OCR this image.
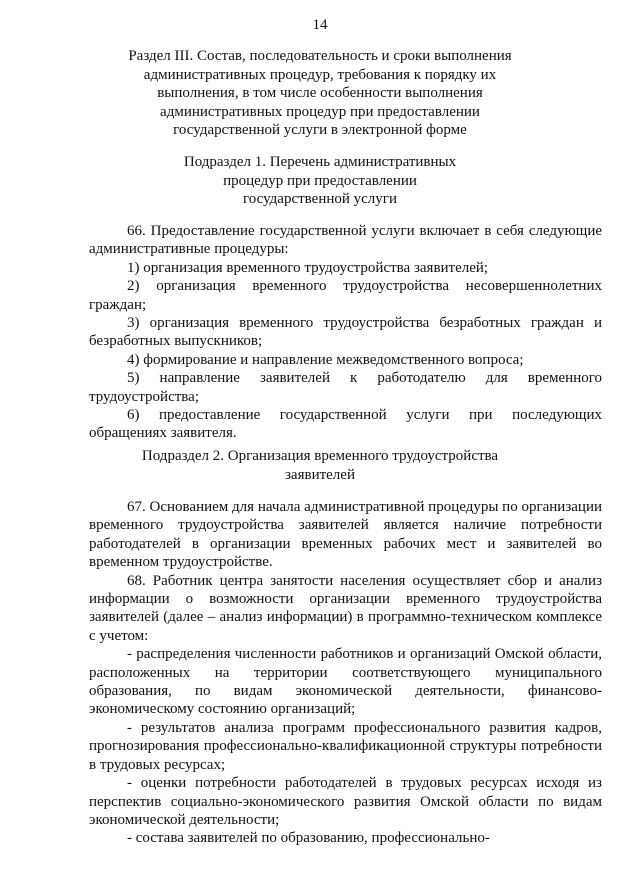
14
Раздел III. Состав, последовательность и сроки выполнения
административных процедур, требования к порядку их
выполнения, в том числе особенности выполнения
административных процедур при предоставлении
государственной услуги в электронной форме
Подраздел 1. Перечень административных
процедур при предоставлении
государственной услуги

66. Предоставление государственной услуги включает в себя следующие административные процедуры:

1) организация временного трудоустройства заявителей;

2) организация временного трудоустройства несовершеннолетних граждан;

3) организация временного трудоустройства безработных граждан и безработных выпускников;

4) формирование и направление межведомственного вопроса;

5) направление заявителей к работодателю для временного трудоустройства;

6) предоставление государственной услуги при последующих обращениях заявителя.

Подраздел 2. Организация временного трудоустройства
заявителей

67. Основанием для начала административной процедуры по организации временного трудоустройства заявителей является наличие потребности работодателей в организации временных рабочих мест и заявителей во временном трудоустройстве.

68. Работник центра занятости населения осуществляет сбор и анализ информации о возможности организации временного трудоустройства заявителей (далее – анализ информации) в программно-техническом комплексе с учетом:

- распределения численности работников и организаций Омской области, расположенных на территории соответствующего муниципального образования, по видам экономической деятельности, финансово-экономическому состоянию организаций;

- результатов анализа программ профессионального развития кадров, прогнозирования профессионально-квалификационной структуры потребности в трудовых ресурсах;

- оценки потребности работодателей в трудовых ресурсах исходя из перспектив социально-экономического развития Омской области по видам экономической деятельности;

- состава заявителей по образованию, профессионально-
